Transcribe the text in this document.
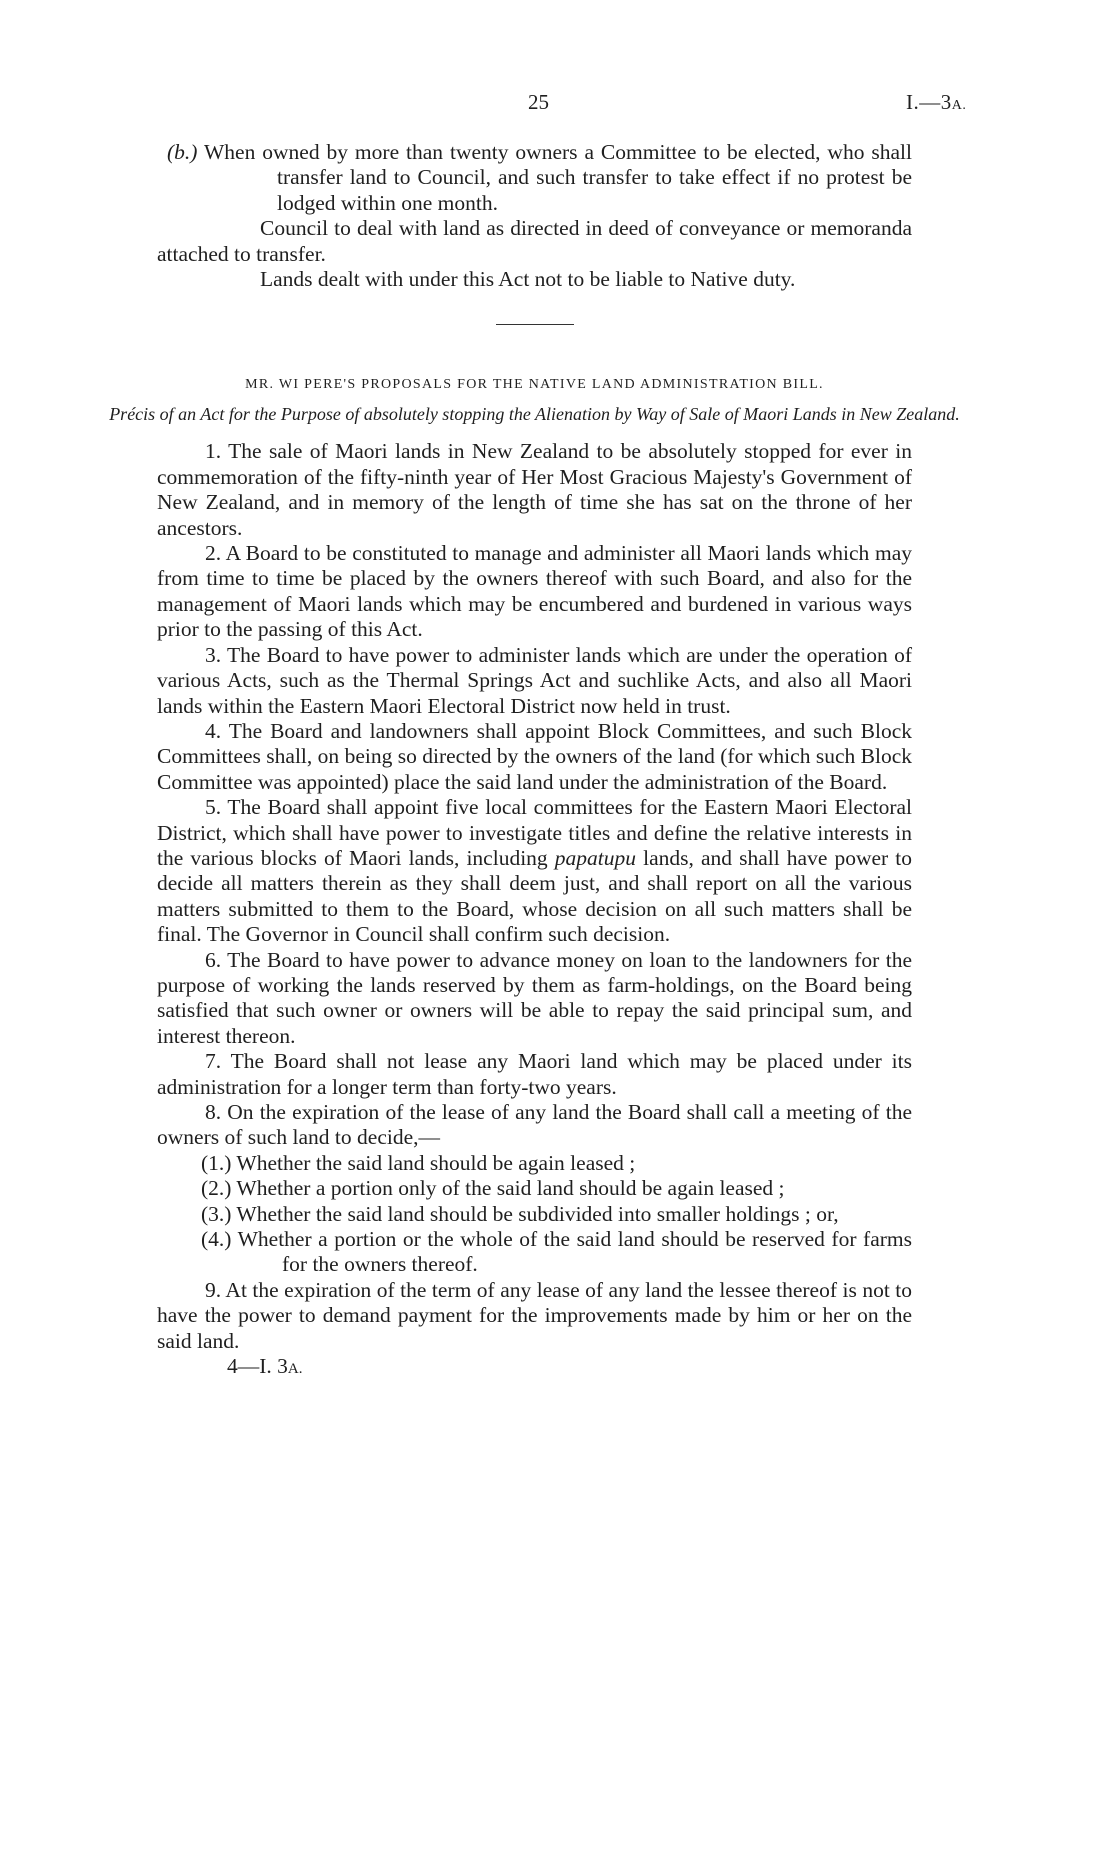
25	I.—3A.

(b.) When owned by more than twenty owners a Committee to be elected, who shall transfer land to Council, and such transfer to take effect if no protest be lodged within one month.

Council to deal with land as directed in deed of conveyance or memoranda attached to transfer.

Lands dealt with under this Act not to be liable to Native duty.

MR. WI PERE'S PROPOSALS FOR THE NATIVE LAND ADMINISTRATION BILL.
Précis of an Act for the Purpose of absolutely stopping the Alienation by Way of Sale of Maori Lands in New Zealand.

1. The sale of Maori lands in New Zealand to be absolutely stopped for ever in commemoration of the fifty-ninth year of Her Most Gracious Majesty's Government of New Zealand, and in memory of the length of time she has sat on the throne of her ancestors.

2. A Board to be constituted to manage and administer all Maori lands which may from time to time be placed by the owners thereof with such Board, and also for the management of Maori lands which may be encumbered and burdened in various ways prior to the passing of this Act.

3. The Board to have power to administer lands which are under the operation of various Acts, such as the Thermal Springs Act and suchlike Acts, and also all Maori lands within the Eastern Maori Electoral District now held in trust.

4. The Board and landowners shall appoint Block Committees, and such Block Committees shall, on being so directed by the owners of the land (for which such Block Committee was appointed) place the said land under the administration of the Board.

5. The Board shall appoint five local committees for the Eastern Maori Electoral District, which shall have power to investigate titles and define the relative interests in the various blocks of Maori lands, including papatupu lands, and shall have power to decide all matters therein as they shall deem just, and shall report on all the various matters submitted to them to the Board, whose decision on all such matters shall be final. The Governor in Council shall confirm such decision.

6. The Board to have power to advance money on loan to the landowners for the purpose of working the lands reserved by them as farm-holdings, on the Board being satisfied that such owner or owners will be able to repay the said principal sum, and interest thereon.

7. The Board shall not lease any Maori land which may be placed under its administration for a longer term than forty-two years.

8. On the expiration of the lease of any land the Board shall call a meeting of the owners of such land to decide,—

(1.) Whether the said land should be again leased ;

(2.) Whether a portion only of the said land should be again leased ;

(3.) Whether the said land should be subdivided into smaller holdings ; or,

(4.) Whether a portion or the whole of the said land should be reserved for farms for the owners thereof.

9. At the expiration of the term of any lease of any land the lessee thereof is not to have the power to demand payment for the improvements made by him or her on the said land.

4—I. 3A.
